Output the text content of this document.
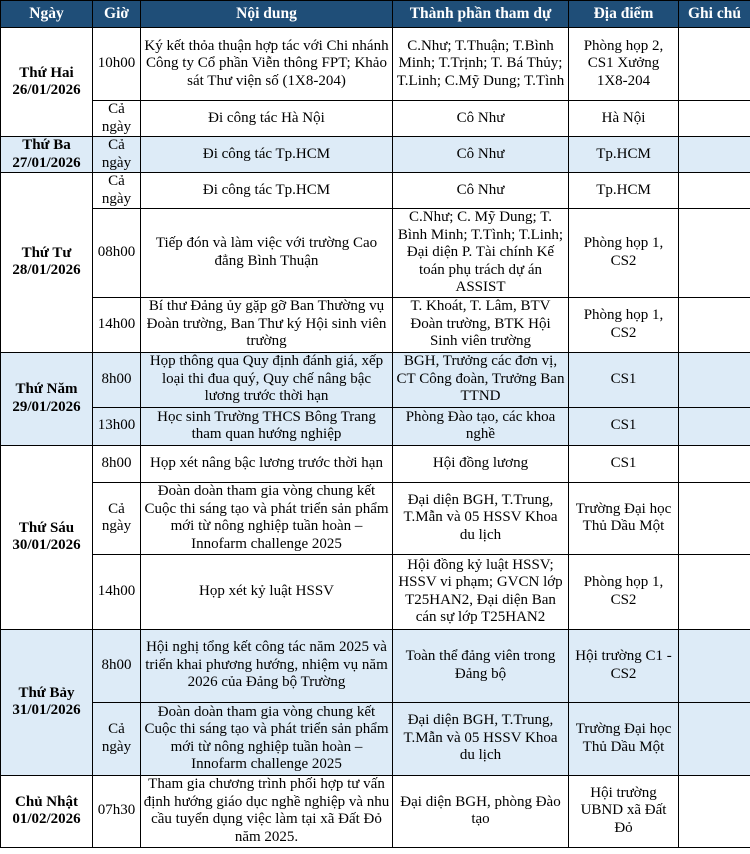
Ngày	Giờ	Nội dung	Thành phần tham dự	Địa điểm	Ghi chú

Thứ Hai
26/01/2026	10h00	Ký kết thỏa thuận hợp tác với Chi nhánh Công ty Cổ phần Viễn thông FPT; Khảo sát Thư viện số (1X8-204)	C.Như; T.Thuận; T.Bình Minh; T.Trịnh; T. Bá Thủy; T.Linh; C.Mỹ Dung; T.Tình	Phòng họp 2, CS1 Xưởng 1X8-204	
	Cả ngày	Đi công tác Hà Nội	Cô Như	Hà Nội	

Thứ Ba
27/01/2026	Cả ngày	Đi công tác Tp.HCM	Cô Như	Tp.HCM	

Thứ Tư
28/01/2026	Cả ngày	Đi công tác Tp.HCM	Cô Như	Tp.HCM	
	08h00	Tiếp đón và làm việc với trường Cao đẳng Bình Thuận	C.Như; C. Mỹ Dung; T. Bình Minh; T.Tình; T.Linh; Đại diện P. Tài chính Kế toán phụ trách dự án ASSIST	Phòng họp 1, CS2	
	14h00	Bí thư Đảng ủy gặp gỡ Ban Thường vụ Đoàn trường, Ban Thư ký Hội sinh viên trường	T. Khoát, T. Lâm, BTV Đoàn trường, BTK Hội Sinh viên trường	Phòng họp 1, CS2	

Thứ Năm
29/01/2026	8h00	Họp thông qua Quy định đánh giá, xếp loại thi đua quý, Quy chế nâng bậc lương trước thời hạn	BGH, Trưởng các đơn vị, CT Công đoàn, Trưởng Ban TTND	CS1	
	13h00	Học sinh Trường THCS Bông Trang tham quan hướng nghiệp	Phòng Đào tạo, các khoa nghề	CS1	

Thứ Sáu
30/01/2026	8h00	Họp xét nâng bậc lương trước thời hạn	Hội đồng lương	CS1	
	Cả ngày	Đoàn doàn tham gia vòng chung kết Cuộc thi sáng tạo và phát triển sản phẩm mới từ nông nghiệp tuần hoàn – Innofarm challenge 2025	Đại diện BGH, T.Trung, T.Mẫn và 05 HSSV Khoa du lịch	Trường Đại học Thủ Dầu Một	
	14h00	Họp xét kỷ luật HSSV	Hội đồng kỷ luật HSSV; HSSV vi phạm; GVCN lớp T25HAN2, Đại diện Ban cán sự lớp T25HAN2	Phòng họp 1, CS2	

Thứ Bảy
31/01/2026	8h00	Hội nghị tổng kết công tác năm 2025 và triển khai phương hướng, nhiệm vụ năm 2026 của Đảng bộ Trường	Toàn thể đảng viên trong Đảng bộ	Hội trường C1 - CS2	
	Cả ngày	Đoàn doàn tham gia vòng chung kết Cuộc thi sáng tạo và phát triển sản phẩm mới từ nông nghiệp tuần hoàn – Innofarm challenge 2025	Đại diện BGH, T.Trung, T.Mẫn và 05 HSSV Khoa du lịch	Trường Đại học Thủ Dầu Một	

Chủ Nhật
01/02/2026	07h30	Tham gia chương trình phối hợp tư vấn định hướng giáo dục nghề nghiệp và nhu cầu tuyển dụng việc làm tại xã Đất Đỏ năm 2025.	Đại diện BGH, phòng Đào tạo	Hội trường UBND xã Đất Đỏ	
